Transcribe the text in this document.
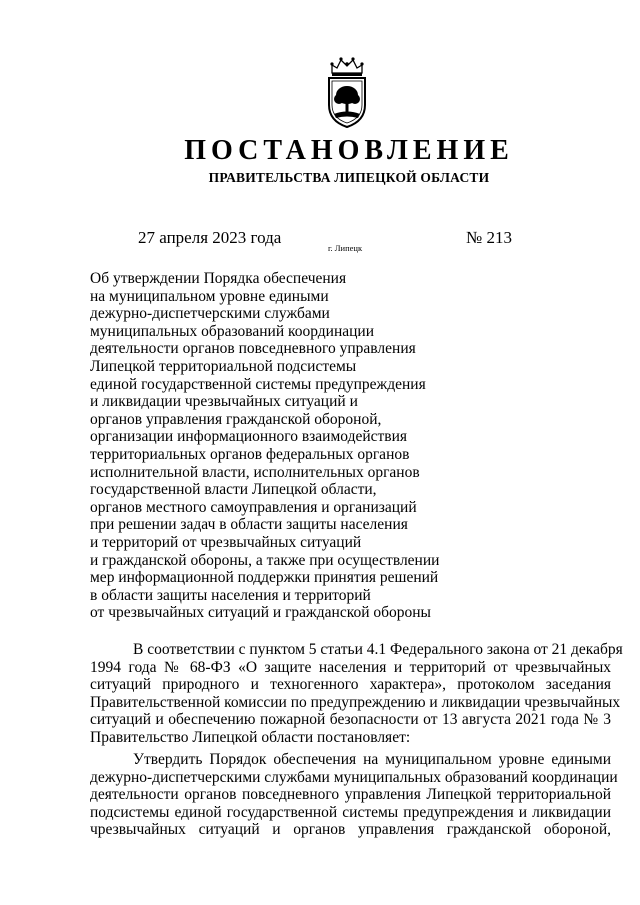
ПОСТАНОВЛЕНИЕ
ПРАВИТЕЛЬСТВА ЛИПЕЦКОЙ ОБЛАСТИ
27 апреля 2023 года
г. Липецк
№ 213
Об утверждении Порядка обеспечения
на муниципальном уровне едиными
дежурно-диспетчерскими службами
муниципальных образований координации
деятельности органов повседневного управления
Липецкой территориальной подсистемы
единой государственной системы предупреждения
и ликвидации чрезвычайных ситуаций и
органов управления гражданской обороной,
организации информационного взаимодействия
территориальных органов федеральных органов
исполнительной власти, исполнительных органов
государственной власти Липецкой области,
органов местного самоуправления и организаций
при решении задач в области защиты населения
и территорий от чрезвычайных ситуаций
и гражданской обороны, а также при осуществлении
мер информационной поддержки принятия решений
в области защиты населения и территорий
от чрезвычайных ситуаций и гражданской обороны
В соответствии с пунктом 5 статьи 4.1 Федерального закона от 21 декабря
1994 года № 68-ФЗ «О защите населения и территорий от чрезвычайных
ситуаций природного и техногенного характера», протоколом заседания
Правительственной комиссии по предупреждению и ликвидации чрезвычайных
ситуаций и обеспечению пожарной безопасности от 13 августа 2021 года № 3
Правительство Липецкой области постановляет:
Утвердить Порядок обеспечения на муниципальном уровне едиными
дежурно-диспетчерскими службами муниципальных образований координации
деятельности органов повседневного управления Липецкой территориальной
подсистемы единой государственной системы предупреждения и ликвидации
чрезвычайных ситуаций и органов управления гражданской обороной,
